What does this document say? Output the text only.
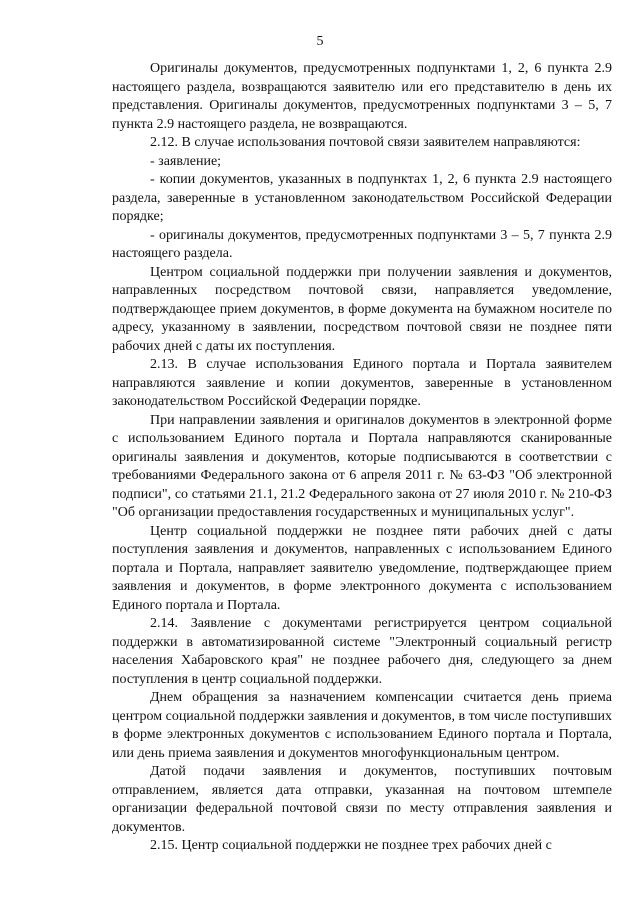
5

Оригиналы документов, предусмотренных подпунктами 1, 2, 6 пункта 2.9 настоящего раздела, возвращаются заявителю или его представителю в день их представления. Оригиналы документов, предусмотренных подпунктами 3 – 5, 7 пункта 2.9 настоящего раздела, не возвращаются.

2.12. В случае использования почтовой связи заявителем направляются:

- заявление;

- копии документов, указанных в подпунктах 1, 2, 6 пункта 2.9 настоящего раздела, заверенные в установленном законодательством Российской Федерации порядке;

- оригиналы документов, предусмотренных подпунктами 3 – 5, 7 пункта 2.9 настоящего раздела.

Центром социальной поддержки при получении заявления и документов, направленных посредством почтовой связи, направляется уведомление, подтверждающее прием документов, в форме документа на бумажном носителе по адресу, указанному в заявлении, посредством почтовой связи не позднее пяти рабочих дней с даты их поступления.

2.13. В случае использования Единого портала и Портала заявителем направляются заявление и копии документов, заверенные в установленном законодательством Российской Федерации порядке.

При направлении заявления и оригиналов документов в электронной форме с использованием Единого портала и Портала направляются сканированные оригиналы заявления и документов, которые подписываются в соответствии с требованиями Федерального закона от 6 апреля 2011 г. № 63-ФЗ "Об электронной подписи", со статьями 21.1, 21.2 Федерального закона от 27 июля 2010 г. № 210-ФЗ "Об организации предоставления государственных и муниципальных услуг".

Центр социальной поддержки не позднее пяти рабочих дней с даты поступления заявления и документов, направленных с использованием Единого портала и Портала, направляет заявителю уведомление, подтверждающее прием заявления и документов, в форме электронного документа с использованием Единого портала и Портала.

2.14. Заявление с документами регистрируется центром социальной поддержки в автоматизированной системе "Электронный социальный регистр населения Хабаровского края" не позднее рабочего дня, следующего за днем поступления в центр социальной поддержки.

Днем обращения за назначением компенсации считается день приема центром социальной поддержки заявления и документов, в том числе поступивших в форме электронных документов с использованием Единого портала и Портала, или день приема заявления и документов многофункциональным центром.

Датой подачи заявления и документов, поступивших почтовым отправлением, является дата отправки, указанная на почтовом штемпеле организации федеральной почтовой связи по месту отправления заявления и документов.

2.15. Центр социальной поддержки не позднее трех рабочих дней с
